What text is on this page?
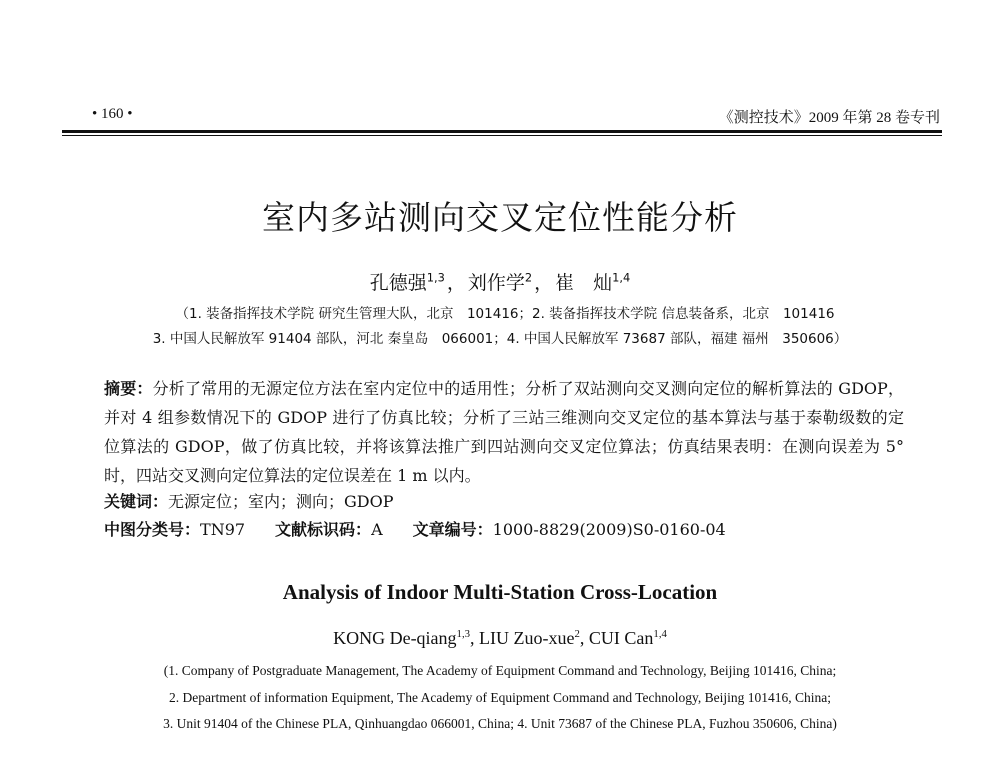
• 160 •	《测控技术》2009 年第 28 卷专刊
室内多站测向交叉定位性能分析
孔德强$^{1,3}$ ， 刘作学$^2$ ， 崔　灿$^{1,4}$
（1. 装备指挥技术学院 研究生管理大队，北京　101416；2. 装备指挥技术学院 信息装备系，北京　101416
3. 中国人民解放军 91404 部队，河北 秦皇岛　066001；4. 中国人民解放军 73687 部队，福建 福州　350606）
摘要：分析了常用的无源定位方法在室内定位中的适用性；分析了双站测向交叉测向定位的解析算法的 GDOP，并对 4 组参数情况下的 GDOP 进行了仿真比较；分析了三站三维测向交叉定位的基本算法与基于泰勒级数的定位算法的 GDOP，做了仿真比较，并将该算法推广到四站测向交叉定位算法；仿真结果表明：在测向误差为 5°时，四站交叉测向定位算法的定位误差在 1 m 以内。
关键词：无源定位；室内；测向；GDOP
中图分类号：TN97 文献标识码：A 文章编号：1000-8829(2009)S0-0160-04
Analysis of Indoor Multi-Station Cross-Location
KONG De-qiang$^{1,3}$, LIU Zuo-xue$^2$, CUI Can$^{1,4}$
(1. Company of Postgraduate Management, The Academy of Equipment Command and Technology, Beijing 101416, China;
2. Department of information Equipment, The Academy of Equipment Command and Technology, Beijing 101416, China;
3. Unit 91404 of the Chinese PLA, Qinhuangdao 066001, China; 4. Unit 73687 of the Chinese PLA, Fuzhou 350606, China)
